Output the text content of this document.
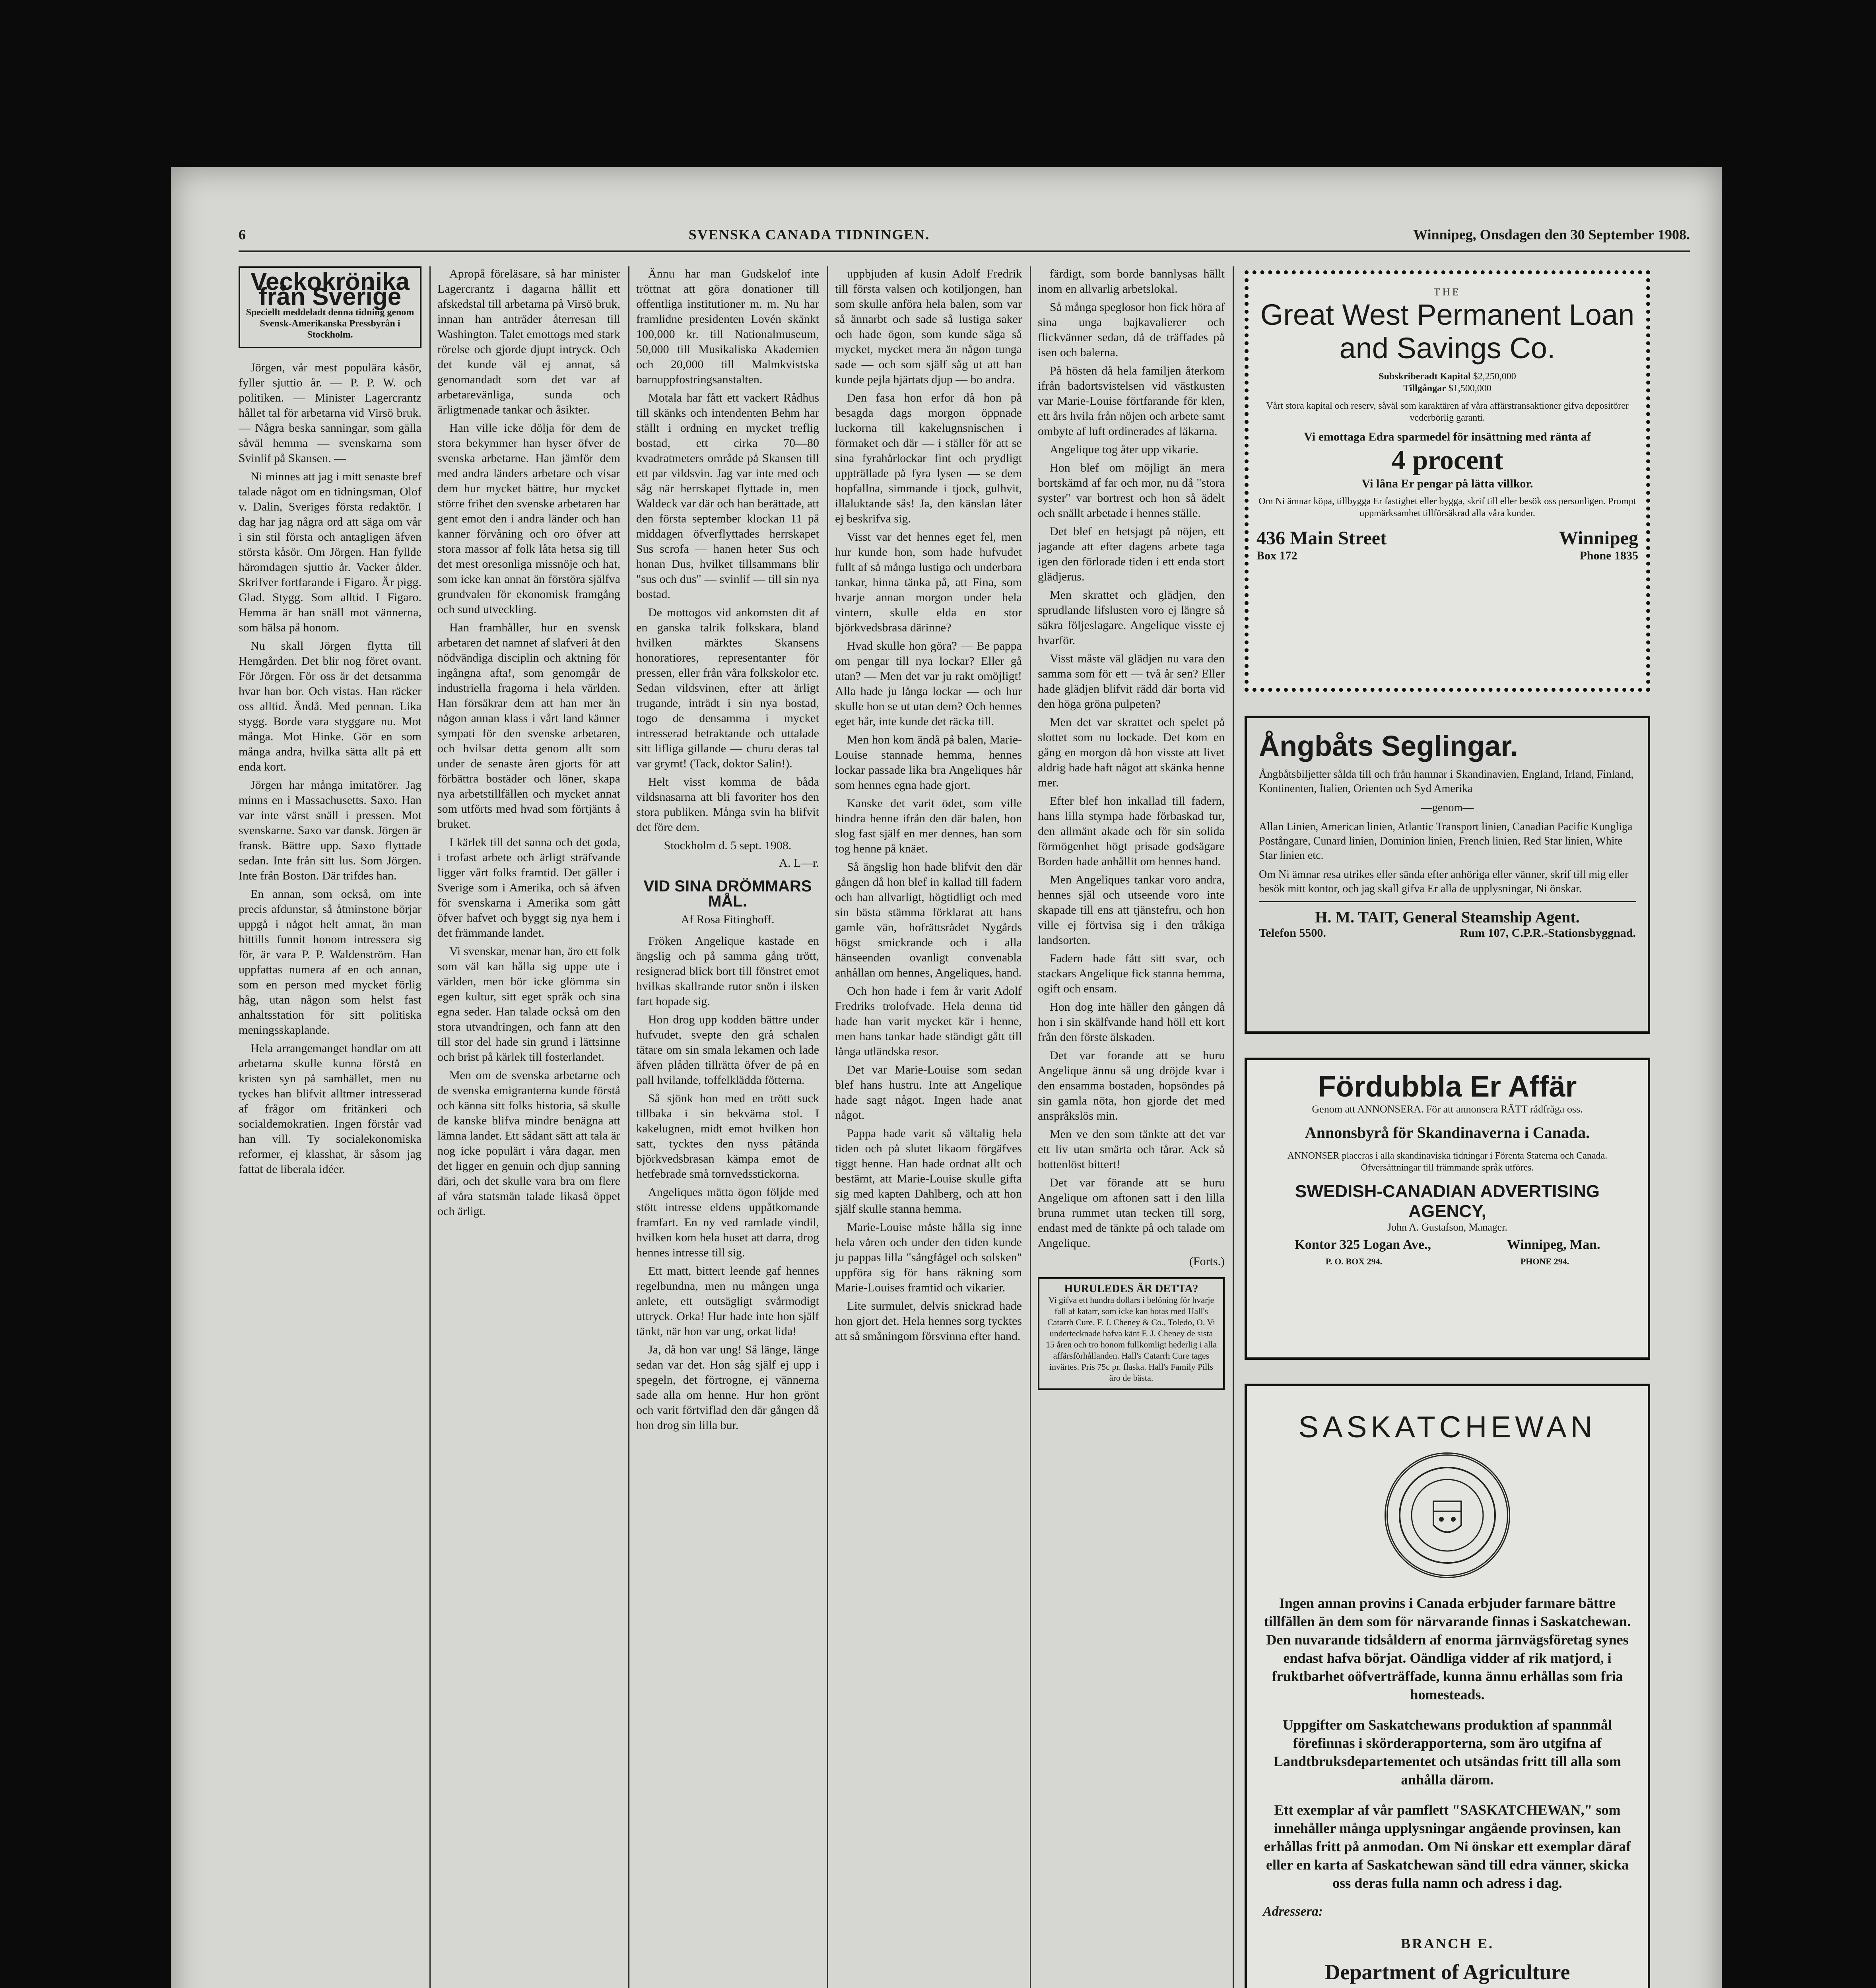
6	SVENSKA CANADA TIDNINGEN.	Winnipeg, Onsdagen den 30 September 1908.
Veckokrönika från Sverige
Speciellt meddeladt denna tidning genom Svensk-Amerikanska Pressbyrån i Stockholm.

Jörgen, vår mest populära kåsör, fyller sjuttio år. — P. P. W. och politiken. — Minister Lagercrantz hållet tal för arbetarna vid Virsö bruk. — Några beska sanningar, som gälla såväl hemma — svenskarna som Svinlif på Skansen. —

Ni minnes att jag i mitt senaste bref talade något om en tidningsman, Olof v. Dalin, Sveriges första redaktör. I dag har jag några ord att säga om vår i sin stil första och antagligen äfven största kåsör. Om Jörgen. Han fyllde häromdagen sjuttio år. Vacker ålder. Skrifver fortfarande i Figaro. Är pigg. Glad. Stygg. Som alltid. I Figaro. Hemma är han snäll mot vännerna, som hälsa på honom.

Nu skall Jörgen flytta till Hemgården. Det blir nog föret ovant. För Jörgen. För oss är det detsamma hvar han bor. Och vistas. Han räcker oss alltid. Ändå. Med pennan. Lika stygg. Borde vara styggare nu. Mot många. Mot Hinke. Gör en som många andra, hvilka sätta allt på ett enda kort.

Jörgen har många imitatörer. Jag minns en i Massachusetts. Saxo. Han var inte värst snäll i pressen. Mot svenskarne. Saxo var dansk. Jörgen är fransk. Bättre upp. Saxo flyttade sedan. Inte från sitt lus. Som Jörgen. Inte från Boston. Där trifdes han.

En annan, som också, om inte precis afdunstar, så åtminstone börjar uppgå i något helt annat, än man hittills funnit honom intressera sig för, är vara P. P. Waldenström. Han uppfattas numera af en och annan, som en person med mycket förlig håg, utan någon som helst fast anhaltsstation för sitt politiska meningsskaplande.

Hela arrangemanget handlar om att arbetarna skulle kunna förstå en kristen syn på samhället, men nu tyckes han blifvit alltmer intresserad af frågor om fritänkeri och socialdemokratien. Ingen förstår vad han vill. Ty socialekonomiska reformer, ej klasshat, är såsom jag fattat de liberala idéer.

Apropå föreläsare, så har minister Lagercrantz i dagarna hållit ett afskedstal till arbetarna på Virsö bruk, innan han anträder återresan till Washington. Talet emottogs med stark rörelse och gjorde djupt intryck. Och det kunde väl ej annat, så genomandadt som det var af arbetarevänliga, sunda och ärligtmenade tankar och åsikter.

Han ville icke dölja för dem de stora bekymmer han hyser öfver de svenska arbetarne. Han jämför dem med andra länders arbetare och visar dem hur mycket bättre, hur mycket större frihet den svenske arbetaren har gent emot den i andra länder och han kanner förvåning och oro öfver att stora massor af folk låta hetsa sig till det mest oresonliga missnöje och hat, som icke kan annat än förstöra själfva grundvalen för ekonomisk framgång och sund utveckling.

Han framhåller, hur en svensk arbetaren det namnet af slafveri åt den nödvändiga disciplin och aktning för ingångna afta!, som genomgår de industriella fragorna i hela världen. Han försäkrar dem att han mer än någon annan klass i vårt land känner sympati för den svenske arbetaren, och hvilsar detta genom allt som under de senaste åren gjorts för att förbättra bostäder och löner, skapa nya arbetstillfällen och mycket annat som utförts med hvad som förtjänts å bruket.

I kärlek till det sanna och det goda, i trofast arbete och ärligt sträfvande ligger vårt folks framtid. Det gäller i Sverige som i Amerika, och så äfven för svenskarna i Amerika som gått öfver hafvet och byggt sig nya hem i det främmande landet.

Vi svenskar, menar han, äro ett folk som väl kan hålla sig uppe ute i världen, men bör icke glömma sin egen kultur, sitt eget språk och sina egna seder. Han talade också om den stora utvandringen, och fann att den till stor del hade sin grund i lättsinne och brist på kärlek till fosterlandet.

Men om de svenska arbetarne och de svenska emigranterna kunde förstå och känna sitt folks historia, så skulle de kanske blifva mindre benägna att lämna landet. Ett sådant sätt att tala är nog icke populärt i våra dagar, men det ligger en genuin och djup sanning däri, och det skulle vara bra om flere af våra statsmän talade likaså öppet och ärligt.

Ännu har man Gudskelof inte tröttnat att göra donationer till offentliga institutioner m. m. Nu har framlidne presidenten Lovén skänkt 100,000 kr. till Nationalmuseum, 50,000 till Musikaliska Akademien och 20,000 till Malmkvistska barnuppfostringsanstalten.

Motala har fått ett vackert Rådhus till skänks och intendenten Behm har ställt i ordning en mycket treflig bostad, ett cirka 70—80 kvadratmeters område på Skansen till ett par vildsvin. Jag var inte med och såg när herrskapet flyttade in, men Waldeck var där och han berättade, att den första september klockan 11 på middagen öfverflyttades herrskapet Sus scrofa — hanen heter Sus och honan Dus, hvilket tillsammans blir "sus och dus" — svinlif — till sin nya bostad.

De mottogos vid ankomsten dit af en ganska talrik folkskara, bland hvilken märktes Skansens honoratiores, representanter för pressen, eller från våra folkskolor etc. Sedan vildsvinen, efter att ärligt trugande, inträdt i sin nya bostad, togo de densamma i mycket intresserad betraktande och uttalade sitt lifliga gillande — churu deras tal var grymt! (Tack, doktor Salin!).

Helt visst komma de båda vildsnasarna att bli favoriter hos den stora publiken. Många svin ha blifvit det före dem.

Stockholm d. 5 sept. 1908.
A. L—r.
VID SINA DRÖMMARS MÅL.
Af Rosa Fitinghoff.

Fröken Angelique kastade en ängslig och på samma gång trött, resignerad blick bort till fönstret emot hvilkas skallrande rutor snön i ilsken fart hopade sig.

Hon drog upp kodden bättre under hufvudet, svepte den grå schalen tätare om sin smala lekamen och lade äfven plåden tillrätta öfver de på en pall hvilande, toffelklädda fötterna.

Så sjönk hon med en trött suck tillbaka i sin bekväma stol. I kakelugnen, midt emot hvilken hon satt, tycktes den nyss påtända björkvedsbrasan kämpa emot de hetfebrade små tornvedsstickorna.

Angeliques mätta ögon följde med stött intresse eldens uppåtkomande framfart. En ny ved ramlade vindil, hvilken kom hela huset att darra, drog hennes intresse till sig.

Ett matt, bittert leende gaf hennes regelbundna, men nu mången unga anlete, ett outsägligt svårmodigt uttryck. Orka! Hur hade inte hon själf tänkt, när hon var ung, orkat lida!

Ja, då hon var ung! Så länge, länge sedan var det. Hon såg själf ej upp i spegeln, det förtrogne, ej vännerna sade alla om henne. Hur hon grönt och varit förtviflad den där gången då hon drog sin lilla bur.

uppbjuden af kusin Adolf Fredrik till första valsen och kotiljongen, han som skulle anföra hela balen, som var så ännarbt och sade så lustiga saker och hade ögon, som kunde säga så mycket, mycket mera än någon tunga sade — och som själf såg ut att han kunde pejla hjärtats djup — bo andra.

Den fasa hon erfor då hon på besagda dags morgon öppnade luckorna till kakelugnsnischen i förmaket och där — i ställer för att se sina fyrahårlockar fint och prydligt uppträllade på fyra lysen — se dem hopfallna, simmande i tjock, gulhvit, illaluktande sås! Ja, den känslan låter ej beskrifva sig.

Visst var det hennes eget fel, men hur kunde hon, som hade hufvudet fullt af så många lustiga och underbara tankar, hinna tänka på, att Fina, som hvarje annan morgon under hela vintern, skulle elda en stor björkvedsbrasa därinne?

Hvad skulle hon göra? — Be pappa om pengar till nya lockar? Eller gå utan? — Men det var ju rakt omöjligt! Alla hade ju långa lockar — och hur skulle hon se ut utan dem? Och hennes eget hår, inte kunde det räcka till.

Men hon kom ändå på balen, Marie-Louise stannade hemma, hennes lockar passade lika bra Angeliques hår som hennes egna hade gjort.

Kanske det varit ödet, som ville hindra henne ifrån den där balen, hon slog fast själf en mer dennes, han som tog henne på knäet.

Så ängslig hon hade blifvit den där gången då hon blef in kallad till fadern och han allvarligt, högtidligt och med sin bästa stämma förklarat att hans gamle vän, hofrättsrådet Nygårds högst smickrande och i alla hänseenden ovanligt convenabla anhållan om hennes, Angeliques, hand.

Och hon hade i fem år varit Adolf Fredriks trolofvade. Hela denna tid hade han varit mycket kär i henne, men hans tankar hade ständigt gått till långa utländska resor.

Det var Marie-Louise som sedan blef hans hustru. Inte att Angelique hade sagt något. Ingen hade anat något.

Pappa hade varit så vältalig hela tiden och på slutet likaom förgäfves tiggt henne. Han hade ordnat allt och bestämt, att Marie-Louise skulle gifta sig med kapten Dahlberg, och att hon själf skulle stanna hemma.

Marie-Louise måste hålla sig inne hela våren och under den tiden kunde ju pappas lilla "sångfågel och solsken" uppföra sig för hans räkning som Marie-Louises framtid och vikarier.

Lite surmulet, delvis snickrad hade hon gjort det. Hela hennes sorg tycktes att så småningom försvinna efter hand.

färdigt, som borde bannlysas hällt inom en allvarlig arbetslokal.

Så många speglosor hon fick höra af sina unga bajkavalierer och flickvänner sedan, då de träffades på isen och balerna.

På hösten då hela familjen återkom ifrån badortsvistelsen vid västkusten var Marie-Louise förtfarande för klen, ett års hvila från nöjen och arbete samt ombyte af luft ordinerades af läkarna.

Angelique tog åter upp vikarie.

Hon blef om möjligt än mera bortskämd af far och mor, nu då "stora syster" var bortrest och hon så ädelt och snällt arbetade i hennes ställe.

Det blef en hetsjagt på nöjen, ett jagande att efter dagens arbete taga igen den förlorade tiden i ett enda stort glädjerus.

Men skrattet och glädjen, den sprudlande lifslusten voro ej längre så säkra följeslagare. Angelique visste ej hvarför.

Visst måste väl glädjen nu vara den samma som för ett — två år sen? Eller hade glädjen blifvit rädd där borta vid den höga gröna pulpeten?

Men det var skrattet och spelet på slottet som nu lockade. Det kom en gång en morgon då hon visste att livet aldrig hade haft något att skänka henne mer.

Efter blef hon inkallad till fadern, hans lilla stympa hade förbaskad tur, den allmänt akade och för sin solida förmögenhet högt prisade godsägare Borden hade anhållit om hennes hand.

Men Angeliques tankar voro andra, hennes själ och utseende voro inte skapade till ens att tjänstefru, och hon ville ej förtvisa sig i den tråkiga landsorten.

Fadern hade fått sitt svar, och stackars Angelique fick stanna hemma, ogift och ensam.

Hon dog inte häller den gången då hon i sin skälfvande hand höll ett kort från den förste älskaden.

Det var forande att se huru Angelique ännu så ung dröjde kvar i den ensamma bostaden, hopsöndes på sin gamla nöta, hon gjorde det med anspråkslös min.

Men ve den som tänkte att det var ett liv utan smärta och tårar. Ack så bottenlöst bittert!

Det var förande att se huru Angelique om aftonen satt i den lilla bruna rummet utan tecken till sorg, endast med de tänkte på och talade om Angelique.

(Forts.)
HURULEDES ÄR DETTA?
Vi gifva ett hundra dollars i belöning för hvarje fall af katarr, som icke kan botas med Hall's Catarrh Cure. F. J. Cheney & Co., Toledo, O. Vi undertecknade hafva känt F. J. Cheney de sista 15 åren och tro honom fullkomligt hederlig i alla affärsförhållanden. Hall's Catarrh Cure tages invärtes. Pris 75c pr. flaska. Hall's Family Pills äro de bästa.
THE
Great West Permanent Loan and Savings Co.
Subskriberadt Kapital $2,250,000
Tillgångar $1,500,000
Vårt stora kapital och reserv, såväl som karaktären af våra affärstransaktioner gifva depositörer vederbörlig garanti.
Vi emottaga Edra sparmedel för insättning med ränta af
4 procent
Vi låna Er pengar på lätta villkor.
Om Ni ämnar köpa, tillbygga Er fastighet eller bygga, skrif till eller besök oss personligen. Prompt uppmärksamhet tillförsäkrad alla våra kunder.
436 Main Street	Winnipeg
Box 172	Phone 1835
Ångbåts Seglingar.

Ångbåtsbiljetter sålda till och från hamnar i Skandinavien, England, Irland, Finland, Kontinenten, Italien, Orienten och Syd Amerika

—genom—

Allan Linien, American linien, Atlantic Transport linien, Canadian Pacific Kungliga Postångare, Cunard linien, Dominion linien, French linien, Red Star linien, White Star linien etc.

Om Ni ämnar resa utrikes eller sända efter anhöriga eller vänner, skrif till mig eller besök mitt kontor, och jag skall gifva Er alla de upplysningar, Ni önskar.

H. M. TAIT, General Steamship Agent.
Telefon 5500.	Rum 107, C.P.R.-Stationsbyggnad.
Fördubbla Er Affär
Genom att ANNONSERA. För att annonsera RÄTT rådfråga oss.
Annonsbyrå för Skandinaverna i Canada.
ANNONSER placeras i alla skandinaviska tidningar i Förenta Staterna och Canada. Öfversättningar till främmande språk utföres.
SWEDISH-CANADIAN ADVERTISING AGENCY,
John A. Gustafson, Manager.
Kontor 325 Logan Ave.,	Winnipeg, Man.
P. O. BOX 294.	PHONE 294.
SASKATCHEWAN

Ingen annan provins i Canada erbjuder farmare bättre tillfällen än dem som för närvarande finnas i Saskatchewan. Den nuvarande tidsåldern af enorma järnvägsföretag synes endast hafva börjat. Oändliga vidder af rik matjord, i fruktbarhet oöfverträffade, kunna ännu erhållas som fria homesteads.

Uppgifter om Saskatchewans produktion af spannmål förefinnas i skörderapporterna, som äro utgifna af Landtbruksdepartementet och utsändas fritt till alla som anhålla därom.

Ett exemplar af vår pamflett "SASKATCHEWAN," som innehåller många upplysningar angående provinsen, kan erhållas fritt på anmodan. Om Ni önskar ett exemplar däraf eller en karta af Saskatchewan sänd till edra vänner, skicka oss deras fulla namn och adress i dag.

Adressera:
BRANCH E.
Department of Agriculture
